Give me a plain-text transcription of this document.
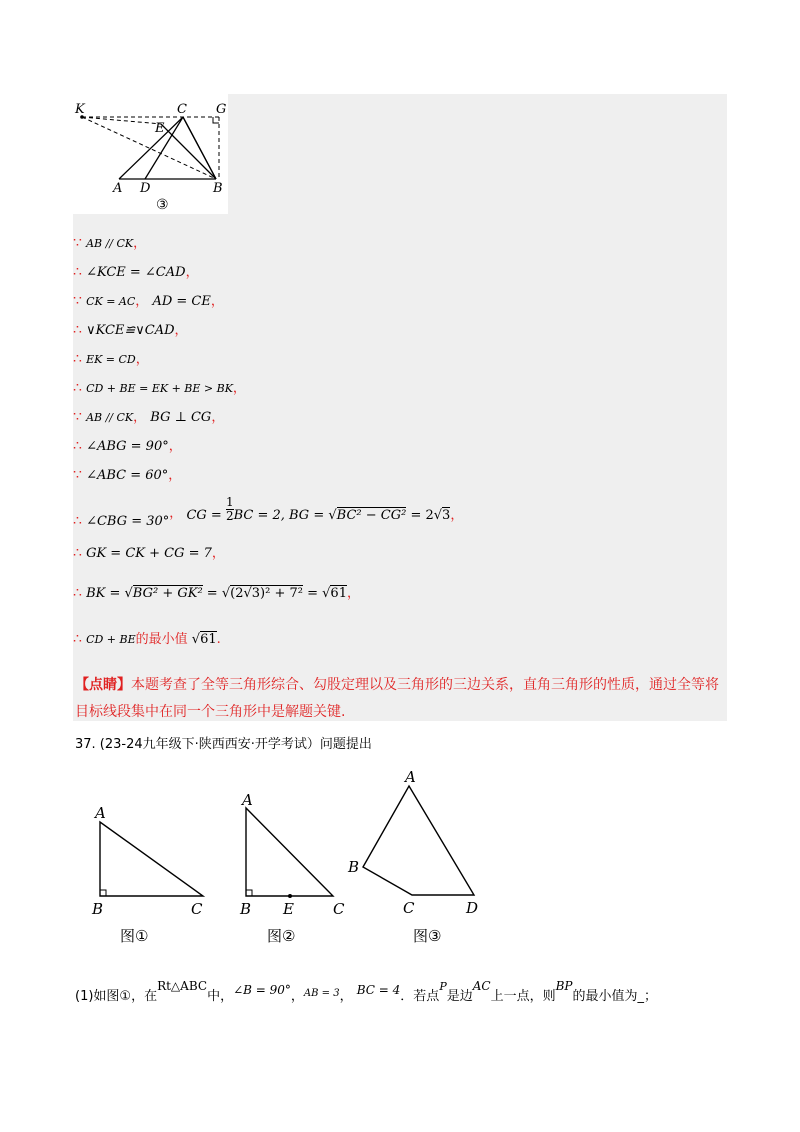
K	C G
E
A D	B
③
∵ AB // CK，
∴ ∠KCE = ∠CAD，
∵ CK = AC， AD = CE，
∴ ∨KCE≌∨CAD，
∴ EK = CD，
∴ CD + BE = EK + BE > BK，
∵ AB // CK， BG ⊥ CG，
∴ ∠ABG = 90°，
∵ ∠ABC = 60°，
∴ ∠CBG = 30°， CG = $\frac{1}{2}$ BC = 2, BG = √BC² − CG² = 2√3，
∴ GK = CK + CG = 7，
∴ BK = √BG² + GK² = √(2√3)² + 7² = √61，
∴ CD + BE的最小值 √61.
【点睛】本题考查了全等三角形综合、勾股定理以及三角形的三边关系，直角三角形的性质，通过全等将
目标线段集中在同一个三角形中是解题关键.
37. (23-24九年级下·陕西西安·开学考试）问题提出
A
B	C
A
B E	C
A
B
C	D
图①	图②	图③
(1)如图①，在Rt△ABC中，∠B = 90°，$^{AB = 3}$， BC = 4．若点$^P$是边AC上一点，则BP的最小值为_；
